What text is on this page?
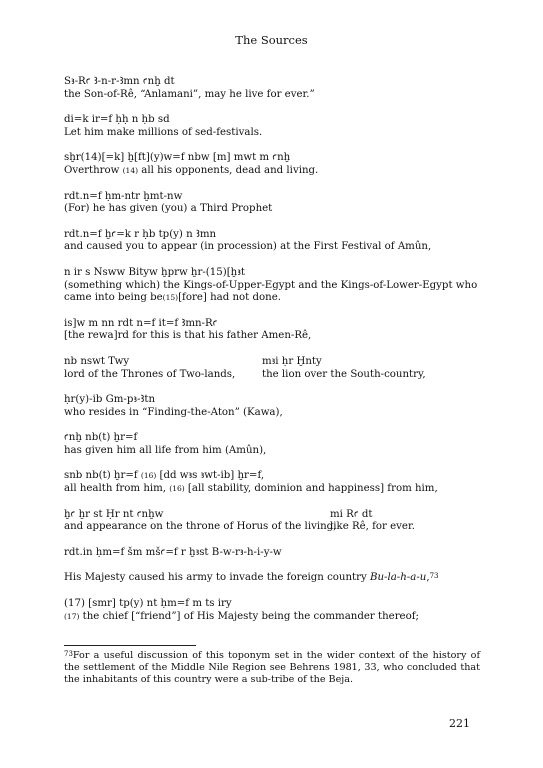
The Sources
Sꜣ-Rꜥ Ꜣ-n-r-Ꜣmn ꜥnḫ dt
the Son-of-Rê, “Anlamani”, may he live for ever.”
di=k ir=f ḥḥ n ḥb sd
Let him make millions of sed-festivals.
sḫr(14)[=k] ḫ[ft](y)w=f nbw [m] mwt m ꜥnḫ
Overthrow (14) all his opponents, dead and living.
rdt.n=f ḥm-ntr ḫmt-nw
(For) he has given (you) a Third Prophet
rdt.n=f ḫꜥ=k r ḥb tp(y) n Ꜣmn
and caused you to appear (in procession) at the First Festival of Amûn,
n ir s Nsww Bityw ḫprw ḫr-(15)[ḫꜣt
(something which) the Kings-of-Upper-Egypt and the Kings-of-Lower-Egypt who
came into being be(15)[fore] had not done.
is]w m nn rdt n=f it=f Ꜣmn-Rꜥ
[the rewa]rd for this is that his father Amen-Rê,
nb nswt Twy	mꜣi ḥr Ḫnty
lord of the Thrones of Two-lands,	the lion over the South-country,
ḥr(y)-ib Gm-pꜣ-Ꜣtn
who resides in “Finding-the-Aton” (Kawa),
ꜥnḫ nb(t) ḫr=f
has given him all life from him (Amûn),
snb nb(t) ḫr=f (16) [dd wꜣs ꜣwt-ib] ḫr=f,
all health from him, (16) [all stability, dominion and happiness] from him,
ḫꜥ ḫr st Ḥr nt ꜥnḫw	mi Rꜥ dt
and appearance on the throne of Horus of the living,
like Rê, for ever.
rdt.in ḥm=f šm mšꜥ=f r ḫꜣst B-w-rꜣ-h-i-y-w
His Majesty caused his army to invade the foreign country Bu-la-h-a-u,$^{73}$
(17) [smr] tp(y) nt ḥm=f m ts iry
(17) the chief [“friend”] of His Majesty being the commander thereof;
$^{73}$For a useful discussion of this toponym set in the wider context of the history of the settlement of the Middle Nile Region see Behrens 1981, 33, who concluded that the inhabitants of this country were a sub-tribe of the Beja.
221
